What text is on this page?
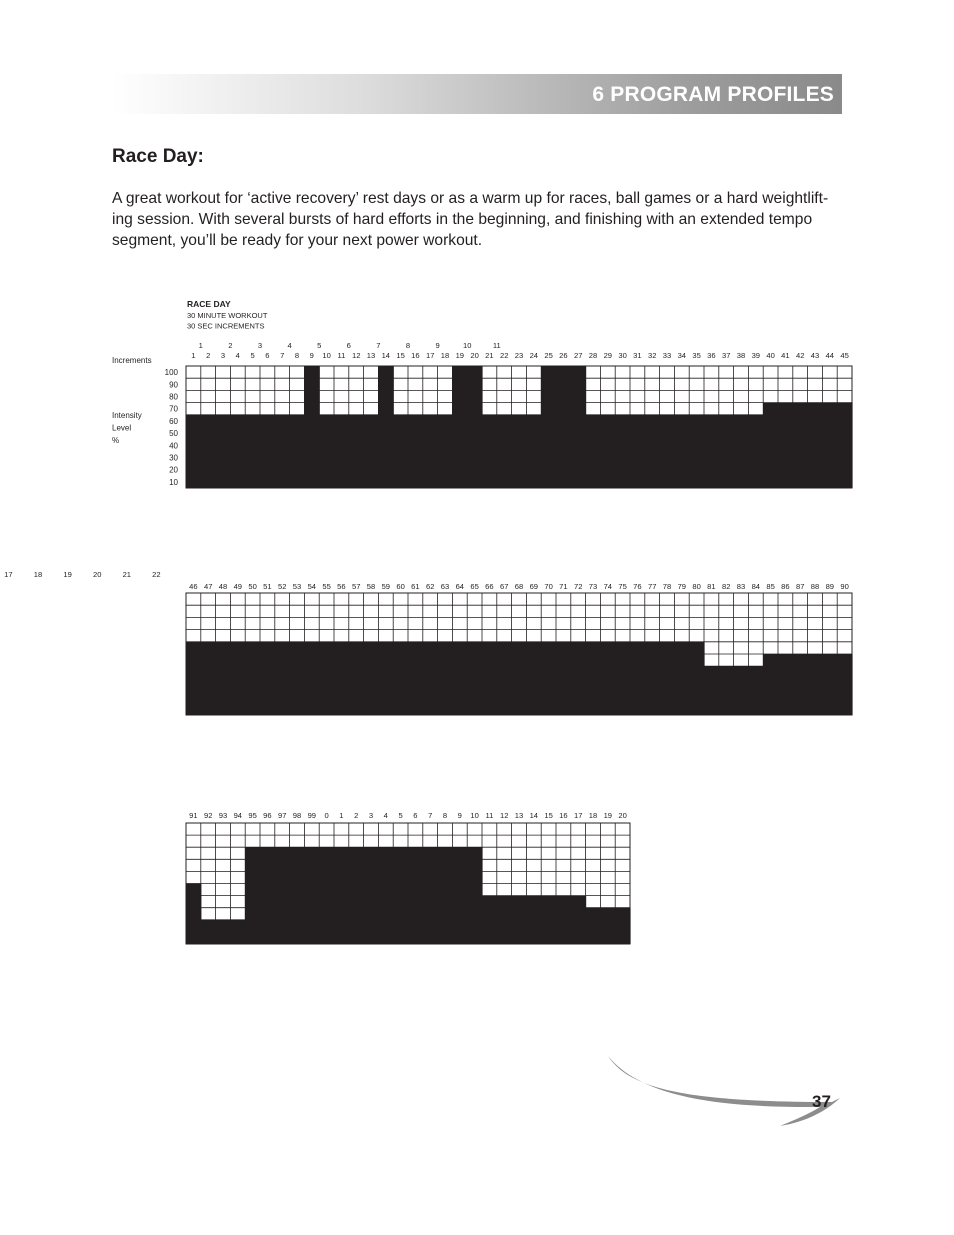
6 PROGRAM PROFILES
Race Day:

A great workout for ‘active recovery’ rest days or as a warm up for races, ball games or a hard weightlift-ing session. With several bursts of hard efforts in the beginning, and finishing with an extended tempo segment, you’ll be ready for your next power workout.

RACE DAY
30 MINUTE WORKOUT
30 SEC INCREMENTS
Increments
Intensity
Level
%
1 2 3 4 5 6 7 8 9 10 11 12 13 14 15 16 17 18 19 20 21 22 23 24 25 26 27 28 29 30 31 32 33 34 35 36 37 38 39 40 41 42 43 44 45
1	2	3	4	5	6	7	8	9	10	11
100
90
80
70
60
50
40
30
20
10
46 47 48 49 50 51 52 53 54 55 56 57 58 59 60 61 62 63 64 65 66 67 68 69 70 71 72 73 74 75 76 77 78 79 80 81 82 83 84 85 86 87 88 89 90
17	18	19	20	21	22
91 92 93 94 95 96 97 98 99 0 1 2 3 4 5 6 7 8 9 10 11 12 13 14 15 16 17 18 19 20
37
